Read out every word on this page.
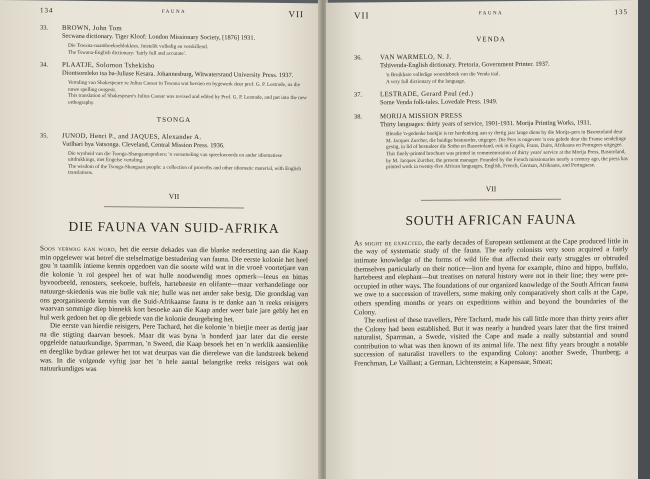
134	FAUNA	VII
33. BROWN, John Tom
Secwana dictionary. Tiger Kloof: London Missionary Society, [1876] 1931.
Die Tswana-naamboekoeblokkies. Juistelik volledig en verskillend.
The Tswana-English dictionary: 'fairly full and accurate'.
34. PLAATJE, Solomon Tshekisho
Diontsoreleko tsa ba-Juliase Kesara. Johannesburg, Witwatersrand University Press. 1937.
Vertaling van Shakespeare se Julius Caesar in Tswana wat hersien en bygewerk deur prof. G. P. Lestrade, na die nuwe spelling oorgesit.
This translation of Shakespeare's Julius Caesar was revised and edited by Prof. G. P. Lestrade, and put into the new orthography.
TSONGA
35. JUNOD, Henri P., and JAQUES, Alexander A.
Vutlhari bya Vatsonga. Cleveland, Central Mission Press. 1936.
Die wysheid van die Tsonga-Shangaansprekers: 'n versameling van spreekwoorde en ander idiomatiese uitdrukkings, met Engelse vertaling.
The wisdom of the Tsonga-Shangaan people: a collection of proverbs and other idiomatic material, with English translations.
VII
DIE FAUNA VAN SUID-AFRIKA

Soos verwag kan word, het die eerste dekades van die blanke nedersetting aan die Kaap min opgelewer wat betref die stelselmatige bestudering van fauna. Die eerste kolonie het heel gou 'n taamlik intieme kennis opgedoen van die soorte wild wat in die vroeë voortetjare van die kolonie 'n rol gespeel het of wat hulle noodwendig moes opmerk—leeus en bittas byvoorbeeld, renosters, seekoeie, buffels, hartebeeste en olifante—maar verhandelinge oor natuurge-skiedenis was nie bulle vak nie; hulle was net ander sake besig. Die grondslag van ons georganiseerde kennis van die Suid-Afrikaanse fauna is te danke aan 'n reeks reisigers waarvan sommige diep binnekk kort besoeke aan die Kaap ander weer baie jare gebly het en hul werk gedoen het op die gebiede van die kolonie deurgebring het.

Die eerste van hierdie reisigers, Pere Tachard, het die kolonie 'n bietjie meer as dertig jaar na die stigting daarvan besoek. Maar dit was byna 'n honderd jaar later dat die eerste opgeleide natuurkundige, Sparrman, 'n Sweed, die Kaap besoek het en 'n werklik aansienlike en deeglike bydrae gelewer het tot wat deurpas van die dierelewe van die landstreek bekend was. In die volgende vyftig jaar het 'n hele aantal belangrike reeks reisigers wat ook natuurkundiges was

VII	FAUNA	135
VENDA
36.	VAN WARMELO, N. J.
Tshivenda-English dictionary. Pretoria, Government Printer. 1937.
'n Bruikbare volledige woordeboek van die Venda taal.
A very full dictionary of the language.
37.	LESTRADE, Gerard Paul (ed.)
Some Venda folk-tales. Lovedale Press. 1949.
38.	MORIJA MISSION PRESS
Thirty languages: thirty years of service, 1901-1931. Morija Printing Works, 1931.
Bleadie 'n-gedenke boekjie is ter herdenking aan sy dertig jaar lange diens by die Morija-pers in Basoetoland deur M. Jacques Zurcher, die huidige bestuurder, uitgegee. Die Pers is ongeveer 'n eeu gelede deur die Franse sendelinge gestig, in lid of bestudeer die Sotho en Basoetoland, ook in Engels, Frans, Duits, Afrikaans en Portugees uitgegee.
This finely-printed brochure was printed in commemoration of thirty years' service at the Morija Press, Basutoland, by M. Jacques Zurcher, the present manager. Founded by the French missionaries nearly a century ago, the press has printed work in twenty-five African languages, English, French, German, Afrikaans, and Portuguese.
VII
SOUTH AFRICAN FAUNA

As might be expected, the early decades of European settlement at the Cape produced little in the way of systematic study of the fauna. The early colonists very soon acquired a fairly intimate knowledge of the forms of wild life that affected their early struggles or obtruded themselves particularly on their notice—lion and hyena for example, rhino and hippo, buffalo, hartebeest and elephant—but treatises on natural history were not in their line; they were pre-occupied in other ways. The foundations of our organized knowledge of the South African fauna we owe to a succession of travellers, some making only comparatively short calls at the Cape, others spending months or years on expeditions within and beyond the boundaries of the Colony.

The earliest of these travellers, Père Tachard, made his call little more than thirty years after the Colony had been established. But it was nearly a hundred years later that the first trained naturalist, Sparrman, a Swede, visited the Cape and made a really substantial and sound contribution to what was then known of its animal life. The next fifty years brought a notable succession of naturalist travellers to the expanding Colony: another Swede, Thunberg; a Frenchman, Le Vaillant; a German, Lichtenstein; a Kapensaar, Smeat;
